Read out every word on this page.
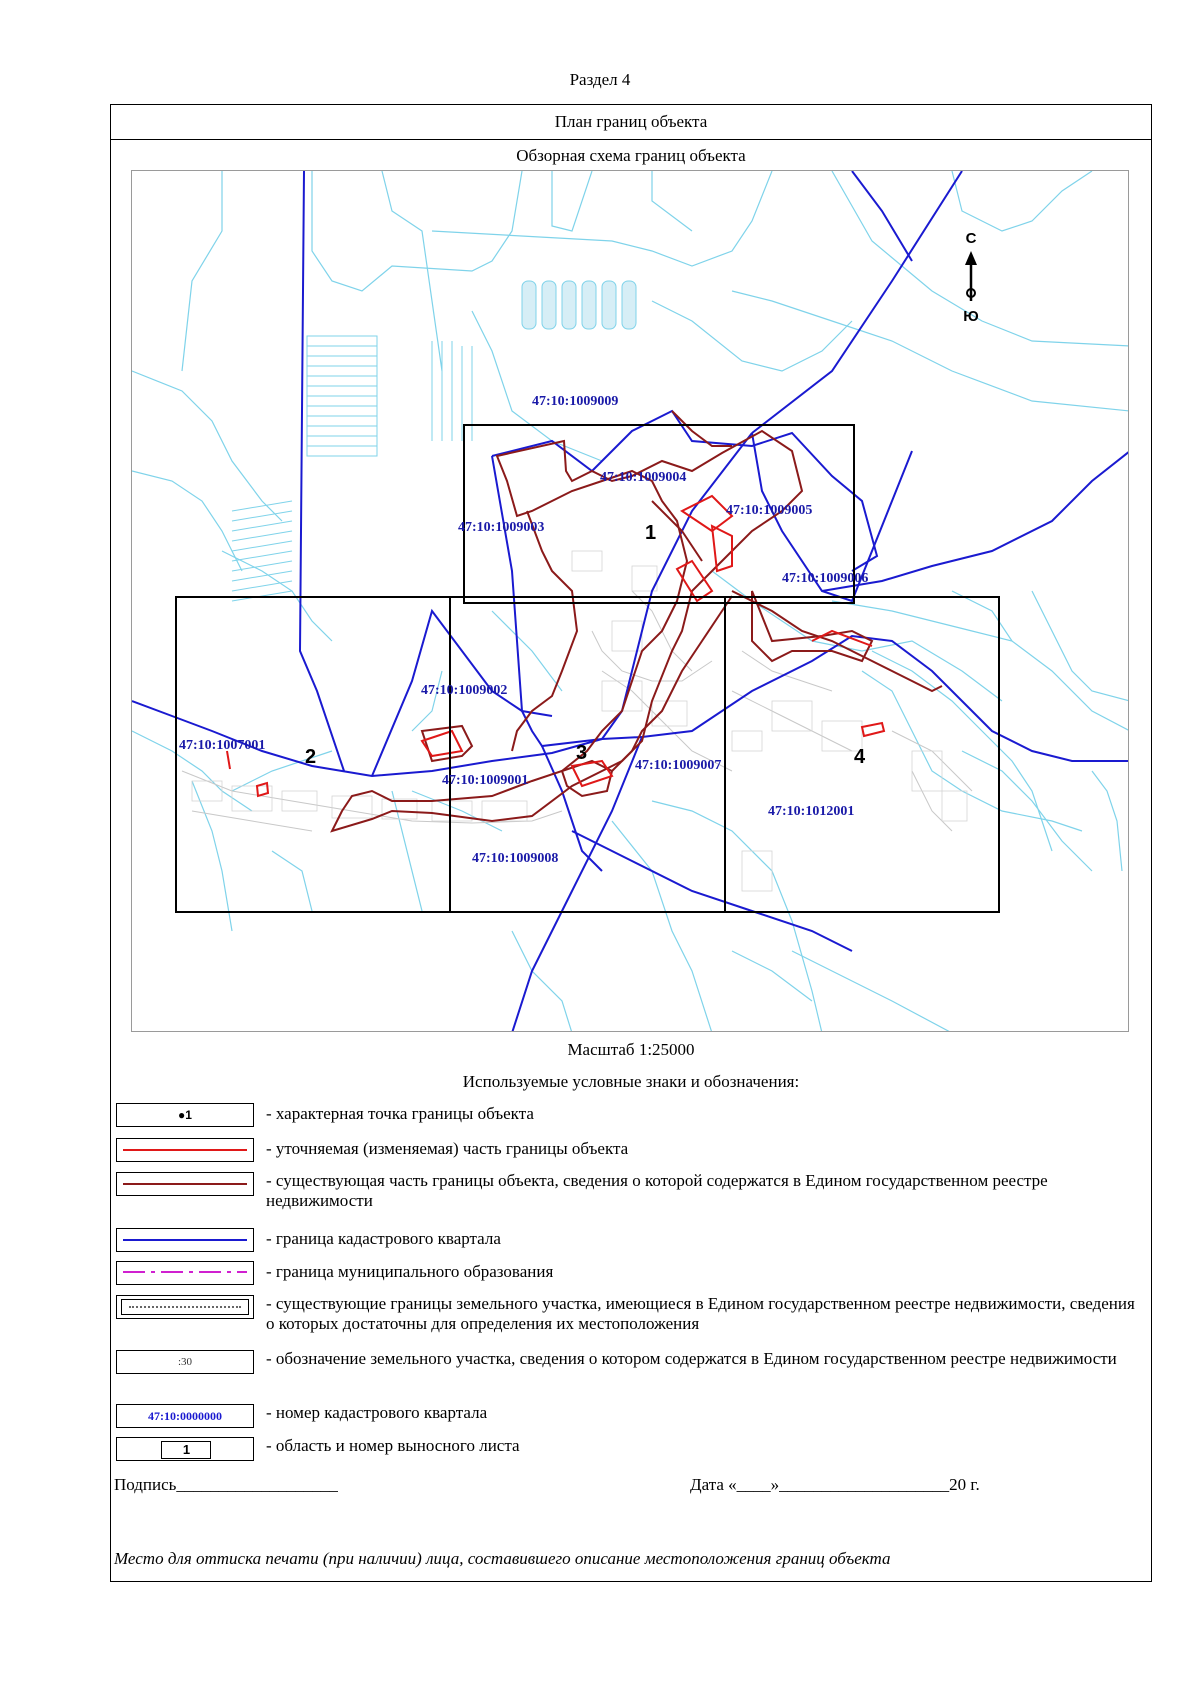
Раздел 4
План границ объекта
Обзорная схема границ объекта
С
Ю
47:10:1009009
47:10:1009004
47:10:1009005
47:10:1009003
47:10:1009006
47:10:1009002
47:10:1007001
47:10:1009001
47:10:1009007
47:10:1012001
47:10:1009008
1
2	3	4
Масштаб 1:25000
Используемые условные знаки и обозначения:
●1	- характерная точка границы объекта
- уточняемая (изменяемая) часть границы объекта
- существующая часть границы объекта, сведения о которой содержатся в Едином государственном реестре недвижимости
- граница кадастрового квартала
- граница муниципального образования
- существующие границы земельного участка, имеющиеся в Едином государственном реестре недвижимости, сведения о которых достаточны для определения их местоположения
:30	- обозначение земельного участка, сведения о котором содержатся в Едином государственном реестре недвижимости
47:10:0000000	- номер кадастрового квартала
1	- область и номер выносного листа
Подпись___________________	Дата «____»____________________20 г.
Место для оттиска печати (при наличии) лица, составившего описание местоположения границ объекта
